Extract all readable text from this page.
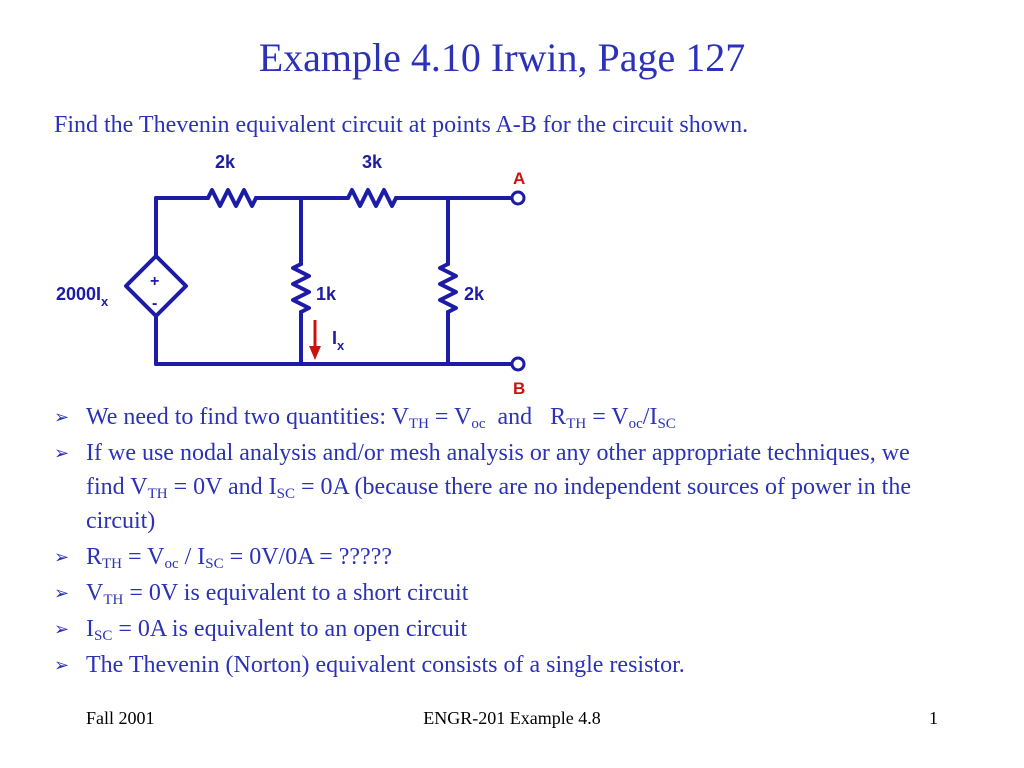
Example 4.10 Irwin, Page 127
Find the Thevenin equivalent circuit at points A-B for the circuit shown.
2k	3k
1k	2k
+
-
$2000I_x$
$I_x$
A
B
➢ We need to find two quantities: $V_{TH} = V_{oc}$  and   $R_{TH} = V_{oc}/I_{SC}$
➢ If we use nodal analysis and/or mesh analysis or any other appropriate techniques, we find $V_{TH} = 0V$ and $I_{SC} = 0A$ (because there are no independent sources of power in the circuit)
➢ $R_{TH} = V_{oc} / I_{SC} = 0V/0A$ = ?????
➢ $V_{TH} = 0V$ is equivalent to a short circuit
➢ $I_{SC} = 0A$ is equivalent to an open circuit
➢ The Thevenin (Norton) equivalent consists of a single resistor.
Fall 2001	ENGR-201 Example 4.8	1
